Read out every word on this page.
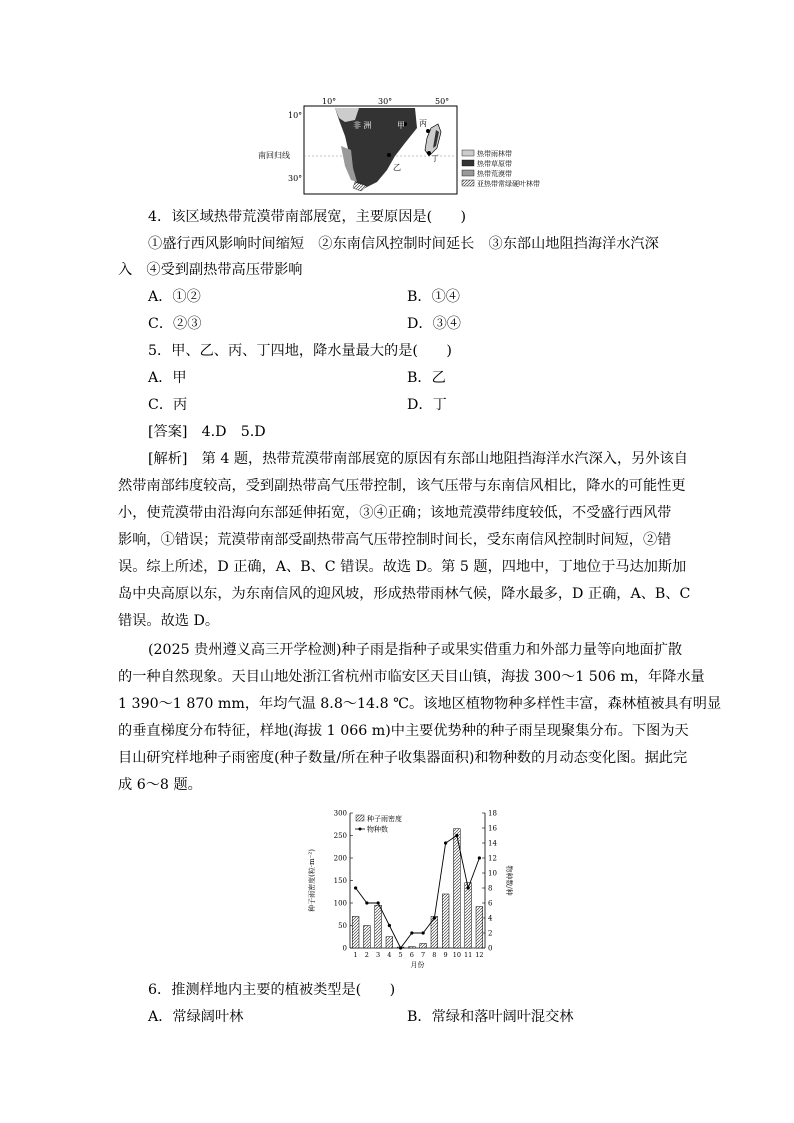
10°	30°	50°
10°
30°
南回归线
非 洲	甲
乙
丙
丁	热带雨林带
热带草原带
热带荒漠带
亚热带常绿硬叶林带
4．该区域热带荒漠带南部展宽，主要原因是(　　)
①盛行西风影响时间缩短　②东南信风控制时间延长　③东部山地阻挡海洋水汽深
入　④受到副热带高压带影响
A．①②	B．①④
C．②③	D．③④
5．甲、乙、丙、丁四地，降水量最大的是(　　)
A．甲	B．乙
C．丙	D．丁
[答案]　4.D　5.D
[解析]　第 4 题，热带荒漠带南部展宽的原因有东部山地阻挡海洋水汽深入，另外该自
然带南部纬度较高，受到副热带高气压带控制，该气压带与东南信风相比，降水的可能性更
小，使荒漠带由沿海向东部延伸拓宽，③④正确；该地荒漠带纬度较低，不受盛行西风带
影响，①错误；荒漠带南部受副热带高气压带控制时间长，受东南信风控制时间短，②错
误。综上所述，D 正确，A、B、C 错误。故选 D。第 5 题，四地中，丁地位于马达加斯加
岛中央高原以东，为东南信风的迎风坡，形成热带雨林气候，降水最多，D 正确，A、B、C
错误。故选 D。
(2025 贵州遵义高三开学检测)种子雨是指种子或果实借重力和外部力量等向地面扩散
的一种自然现象。天目山地处浙江省杭州市临安区天目山镇，海拔 300～1 506 m，年降水量
1 390～1 870 mm，年均气温 8.8～14.8 ℃。该地区植物物种多样性丰富，森林植被具有明显
的垂直梯度分布特征，样地(海拔 1 066 m)中主要优势种的种子雨呈现聚集分布。下图为天
目山研究样地种子雨密度(种子数量/所在种子收集器面积)和物种数的月动态变化图。据此完
成 6～8 题。
0
50
100
150
200
250
300
0
2
4
6
8
10
12
14
16
18
1 2 3 4 5 6 7 8 9 10 11 12
月份
种子雨密度(粒·m⁻²)	物种数/种
种子雨密度
物种数
6．推测样地内主要的植被类型是(　　)
A．常绿阔叶林	B．常绿和落叶阔叶混交林
